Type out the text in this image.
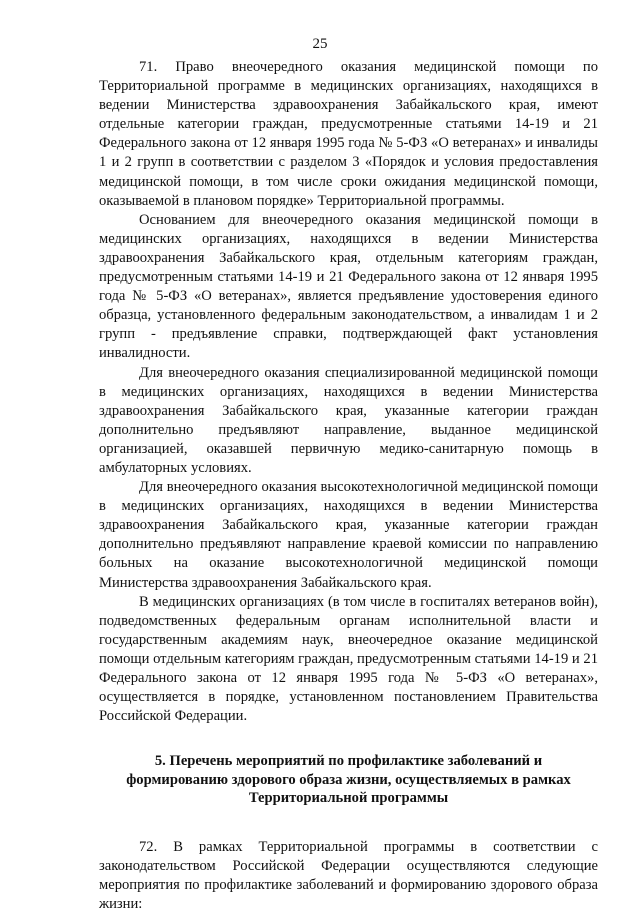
25

71. Право внеочередного оказания медицинской помощи по Территориальной программе в медицинских организациях, находящихся в ведении Министерства здравоохранения Забайкальского края, имеют отдельные категории граждан, предусмотренные статьями 14-19 и 21 Федерального закона от 12 января 1995 года № 5-ФЗ «О ветеранах» и инвалиды 1 и 2 групп в соответствии с разделом 3 «Порядок и условия предоставления медицинской помощи, в том числе сроки ожидания медицинской помощи, оказываемой в плановом порядке» Территориальной программы.

Основанием для внеочередного оказания медицинской помощи в медицинских организациях, находящихся в ведении Министерства здравоохранения Забайкальского края, отдельным категориям граждан, предусмотренным статьями 14-19 и 21 Федерального закона от 12 января 1995 года № 5-ФЗ «О ветеранах», является предъявление удостоверения единого образца, установленного федеральным законодательством, а инвалидам 1 и 2 групп - предъявление справки, подтверждающей факт установления инвалидности.

Для внеочередного оказания специализированной медицинской помощи в медицинских организациях, находящихся в ведении Министерства здравоохранения Забайкальского края, указанные категории граждан дополнительно предъявляют направление, выданное медицинской организацией, оказавшей первичную медико-санитарную помощь в амбулаторных условиях.

Для внеочередного оказания высокотехнологичной медицинской помощи в медицинских организациях, находящихся в ведении Министерства здравоохранения Забайкальского края, указанные категории граждан дополнительно предъявляют направление краевой комиссии по направлению больных на оказание высокотехнологичной медицинской помощи Министерства здравоохранения Забайкальского края.

В медицинских организациях (в том числе в госпиталях ветеранов войн), подведомственных федеральным органам исполнительной власти и государственным академиям наук, внеочередное оказание медицинской помощи отдельным категориям граждан, предусмотренным статьями 14-19 и 21 Федерального закона от 12 января 1995 года № 5-ФЗ «О ветеранах», осуществляется в порядке, установленном постановлением Правительства Российской Федерации.

5. Перечень мероприятий по профилактике заболеваний и формированию здорового образа жизни, осуществляемых в рамках Территориальной программы

72. В рамках Территориальной программы в соответствии с законодательством Российской Федерации осуществляются следующие мероприятия по профилактике заболеваний и формированию здорового образа жизни:
